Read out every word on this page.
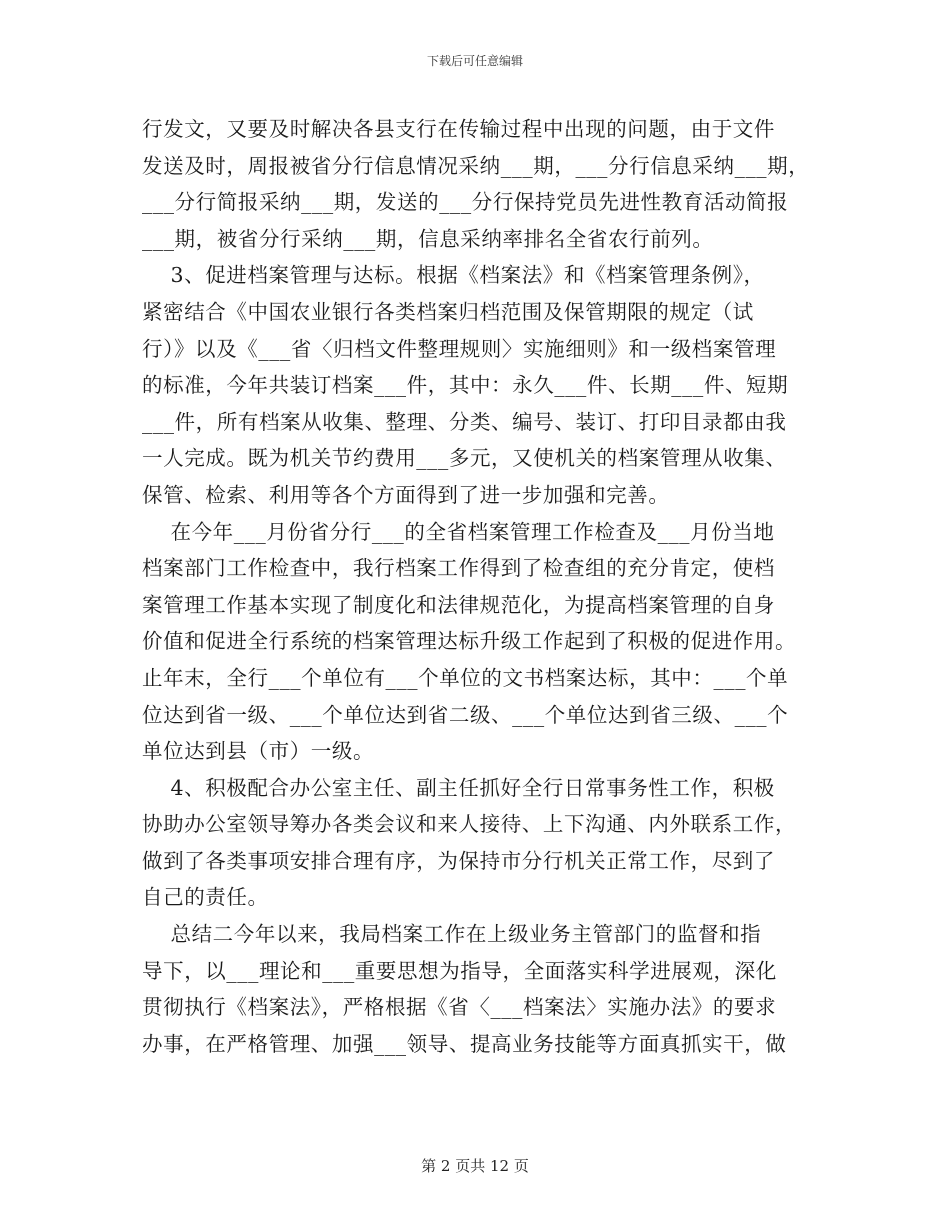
下载后可任意编辑

行发文，又要及时解决各县支行在传输过程中出现的问题，由于文件

发送及时，周报被省分行信息情况采纳___期，___分行信息采纳___期，

___分行简报采纳___期，发送的___分行保持党员先进性教育活动简报

___期，被省分行采纳___期，信息采纳率排名全省农行前列。

3、促进档案管理与达标。根据《档案法》和《档案管理条例》，

紧密结合《中国农业银行各类档案归档范围及保管期限的规定（试

行）》以及《___省〈归档文件整理规则〉实施细则》和一级档案管理

的标准，今年共装订档案___件，其中：永久___件、长期___件、短期

___件，所有档案从收集、整理、分类、编号、装订、打印目录都由我

一人完成。既为机关节约费用___多元，又使机关的档案管理从收集、

保管、检索、利用等各个方面得到了进一步加强和完善。

在今年___月份省分行___的全省档案管理工作检查及___月份当地

档案部门工作检查中，我行档案工作得到了检查组的充分肯定，使档

案管理工作基本实现了制度化和法律规范化，为提高档案管理的自身

价值和促进全行系统的档案管理达标升级工作起到了积极的促进作用。

止年末，全行___个单位有___个单位的文书档案达标，其中：___个单

位达到省一级、___个单位达到省二级、___个单位达到省三级、___个

单位达到县（市）一级。

4、积极配合办公室主任、副主任抓好全行日常事务性工作，积极

协助办公室领导筹办各类会议和来人接待、上下沟通、内外联系工作，

做到了各类事项安排合理有序，为保持市分行机关正常工作，尽到了

自己的责任。

总结二今年以来，我局档案工作在上级业务主管部门的监督和指

导下，以___理论和___重要思想为指导，全面落实科学进展观，深化

贯彻执行《档案法》，严格根据《省〈___档案法〉实施办法》的要求

办事，在严格管理、加强___领导、提高业务技能等方面真抓实干，做

第 2 页共 12 页
